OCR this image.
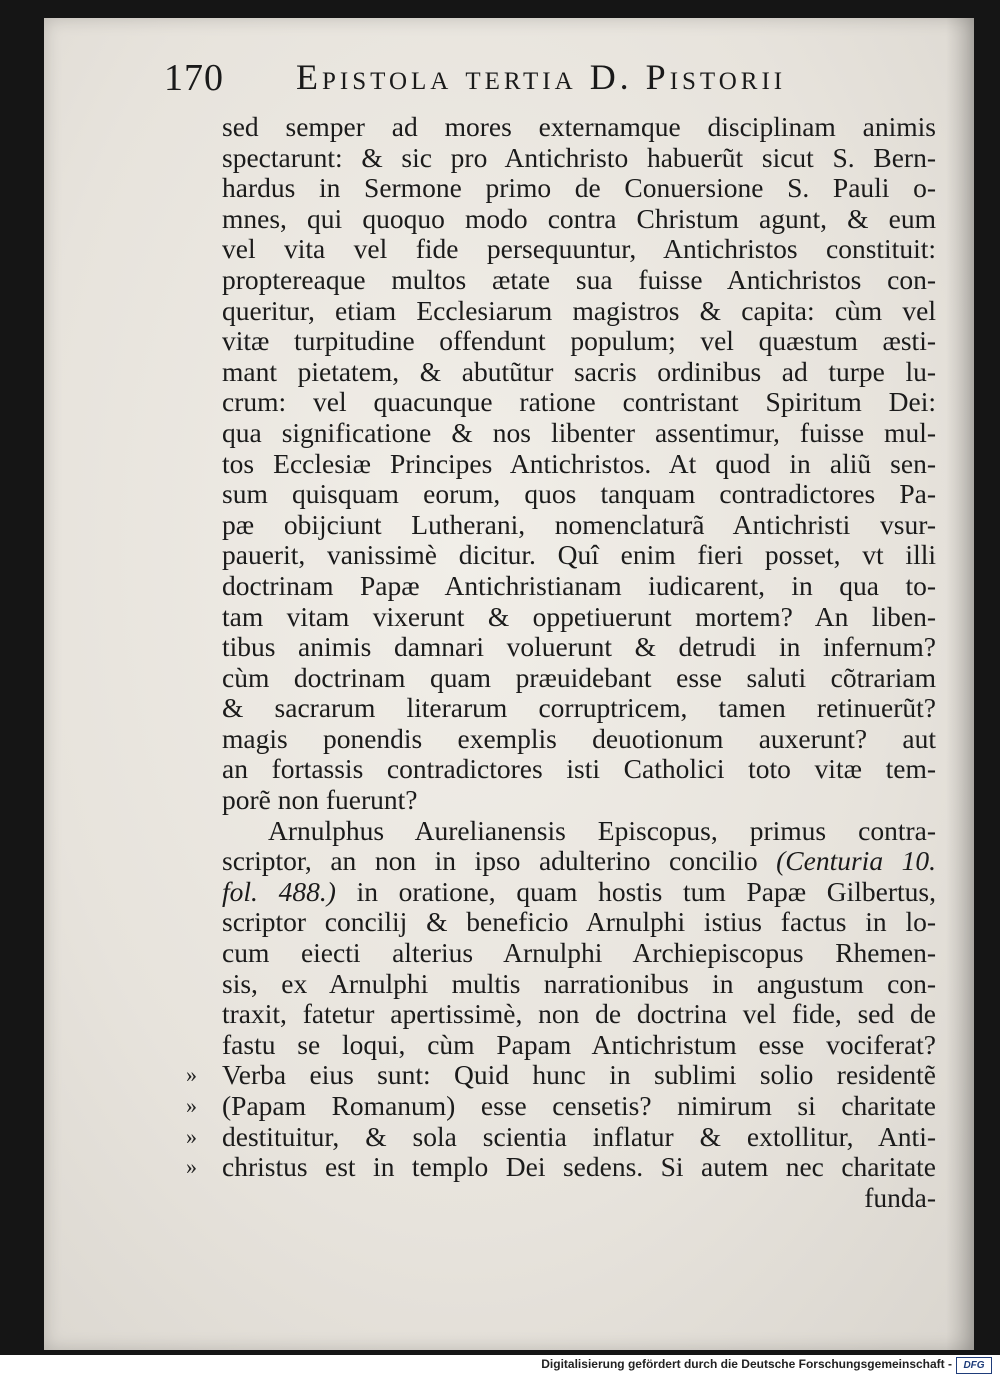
170 Epistola tertia D. Pistorii
sed semper ad mores externamque disciplinam animis
spectarunt: & sic pro Antichristo habuerũt sicut S. Bern-
hardus in Sermone primo de Conuersione S. Pauli o-
mnes, qui quoquo modo contra Christum agunt, & eum
vel vita vel fide persequuntur, Antichristos constituit:
proptereaque multos ætate sua fuisse Antichristos con-
queritur, etiam Ecclesiarum magistros & capita: cùm vel
vitæ turpitudine offendunt populum; vel quæstum æsti-
mant pietatem, & abutũtur sacris ordinibus ad turpe lu-
crum: vel quacunque ratione contristant Spiritum Dei:
qua significatione & nos libenter assentimur, fuisse mul-
tos Ecclesiæ Principes Antichristos. At quod in aliũ sen-
sum quisquam eorum, quos tanquam contradictores Pa-
pæ obijciunt Lutherani, nomenclaturã Antichristi vsur-
pauerit, vanissimè dicitur. Quî enim fieri posset, vt illi
doctrinam Papæ Antichristianam iudicarent, in qua to-
tam vitam vixerunt & oppetiuerunt mortem? An liben-
tibus animis damnari voluerunt & detrudi in infernum?
cùm doctrinam quam præuidebant esse saluti cõtrariam
& sacrarum literarum corruptricem, tamen retinuerũt?
magis ponendis exemplis deuotionum auxerunt? aut
an fortassis contradictores isti Catholici toto vitæ tem-
porẽ non fuerunt?
Arnulphus Aurelianensis Episcopus, primus contra-
scriptor, an non in ipso adulterino concilio (Centuria 10.
fol. 488.) in oratione, quam hostis tum Papæ Gilbertus,
scriptor concilij & beneficio Arnulphi istius factus in lo-
cum eiecti alterius Arnulphi Archiepiscopus Rhemen-
sis, ex Arnulphi multis narrationibus in angustum con-
traxit, fatetur apertissimè, non de doctrina vel fide, sed de
fastu se loqui, cùm Papam Antichristum esse vociferat?
» Verba eius sunt: Quid hunc in sublimi solio residentẽ
» (Papam Romanum) esse censetis? nimirum si charitate
» destituitur, & sola scientia inflatur & extollitur, Anti-
» christus est in templo Dei sedens. Si autem nec charitate
funda-
Digitalisierung gefördert durch die Deutsche Forschungsgemeinschaft -	DFG
